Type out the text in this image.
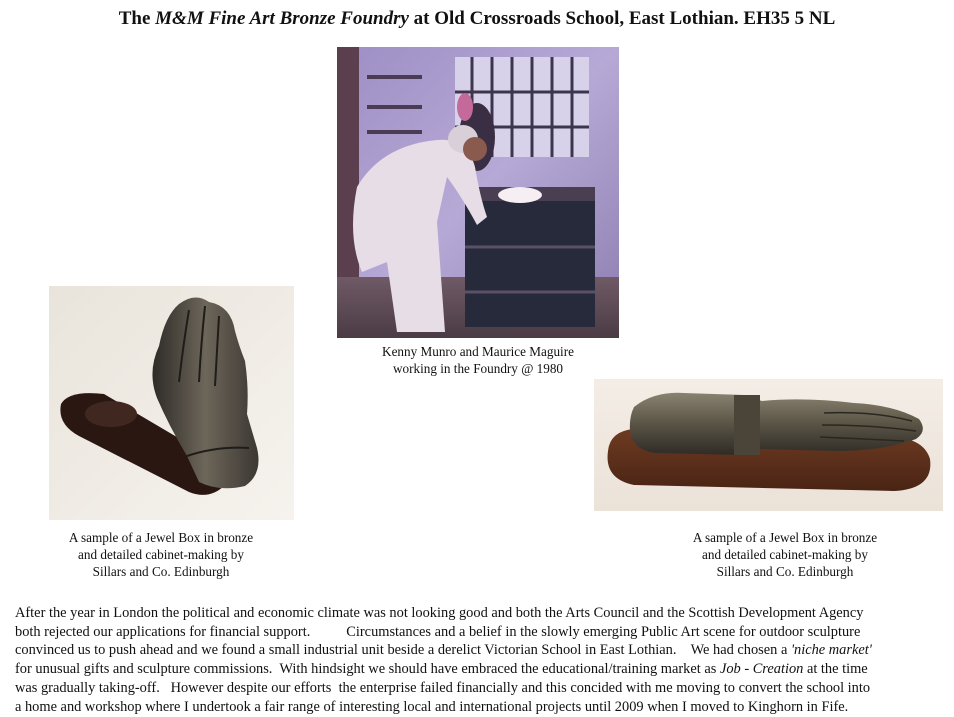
The M&M Fine Art Bronze Foundry at Old Crossroads School, East Lothian. EH35 5 NL
Kenny Munro and Maurice Maguire
working in the Foundry @ 1980
A sample of a Jewel Box in bronze
and detailed cabinet-making by
Sillars and Co. Edinburgh
A sample of a Jewel Box in bronze
and detailed cabinet-making by
Sillars and Co. Edinburgh
After the year in London the political and economic climate was not looking good and both the Arts Council and the Scottish Development Agency
both rejected our applications for financial support.          Circumstances and a belief in the slowly emerging Public Art scene for outdoor sculpture
convinced us to push ahead and we found a small industrial unit beside a derelict Victorian School in East Lothian.    We had chosen a 'niche market'
for unusual gifts and sculpture commissions.  With hindsight we should have embraced the educational/training market as Job - Creation at the time
was gradually taking-off.   However despite our efforts  the enterprise failed financially and this concided with me moving to convert the school into
a home and workshop where I undertook a fair range of interesting local and international projects until 2009 when I moved to Kinghorn in Fife.
